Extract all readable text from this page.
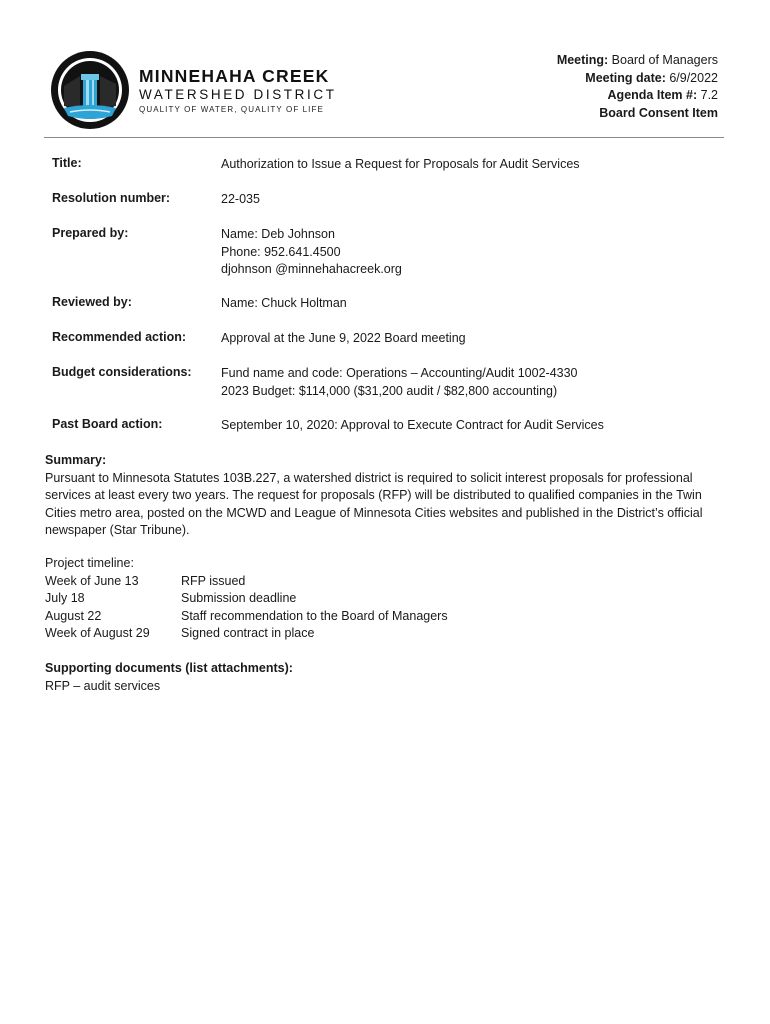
MINNEHAHA CREEK
WATERSHED DISTRICT
QUALITY OF WATER, QUALITY OF LIFE
Meeting: Board of Managers
Meeting date: 6/9/2022
Agenda Item #: 7.2
Board Consent Item
Title:	Authorization to Issue a Request for Proposals for Audit Services
Resolution number:	22-035
Prepared by:	Name: Deb Johnson
Phone: 952.641.4500
djohnson @minnehahacreek.org
Reviewed by:	Name: Chuck Holtman
Recommended action:	Approval at the June 9, 2022 Board meeting
Budget considerations: Fund name and code: Operations – Accounting/Audit 1002-4330
2023 Budget: $114,000 ($31,200 audit / $82,800 accounting)
Past Board action:	September 10, 2020: Approval to Execute Contract for Audit Services
Summary:
Pursuant to Minnesota Statutes 103B.227, a watershed district is required to solicit interest proposals for professional services at least every two years. The request for proposals (RFP) will be distributed to qualified companies in the Twin Cities metro area, posted on the MCWD and League of Minnesota Cities websites and published in the District’s official newspaper (Star Tribune).
Project timeline:
Week of June 13	RFP issued
July 18	Submission deadline
August 22	Staff recommendation to the Board of Managers
Week of August 29	Signed contract in place
Supporting documents (list attachments):
RFP – audit services
